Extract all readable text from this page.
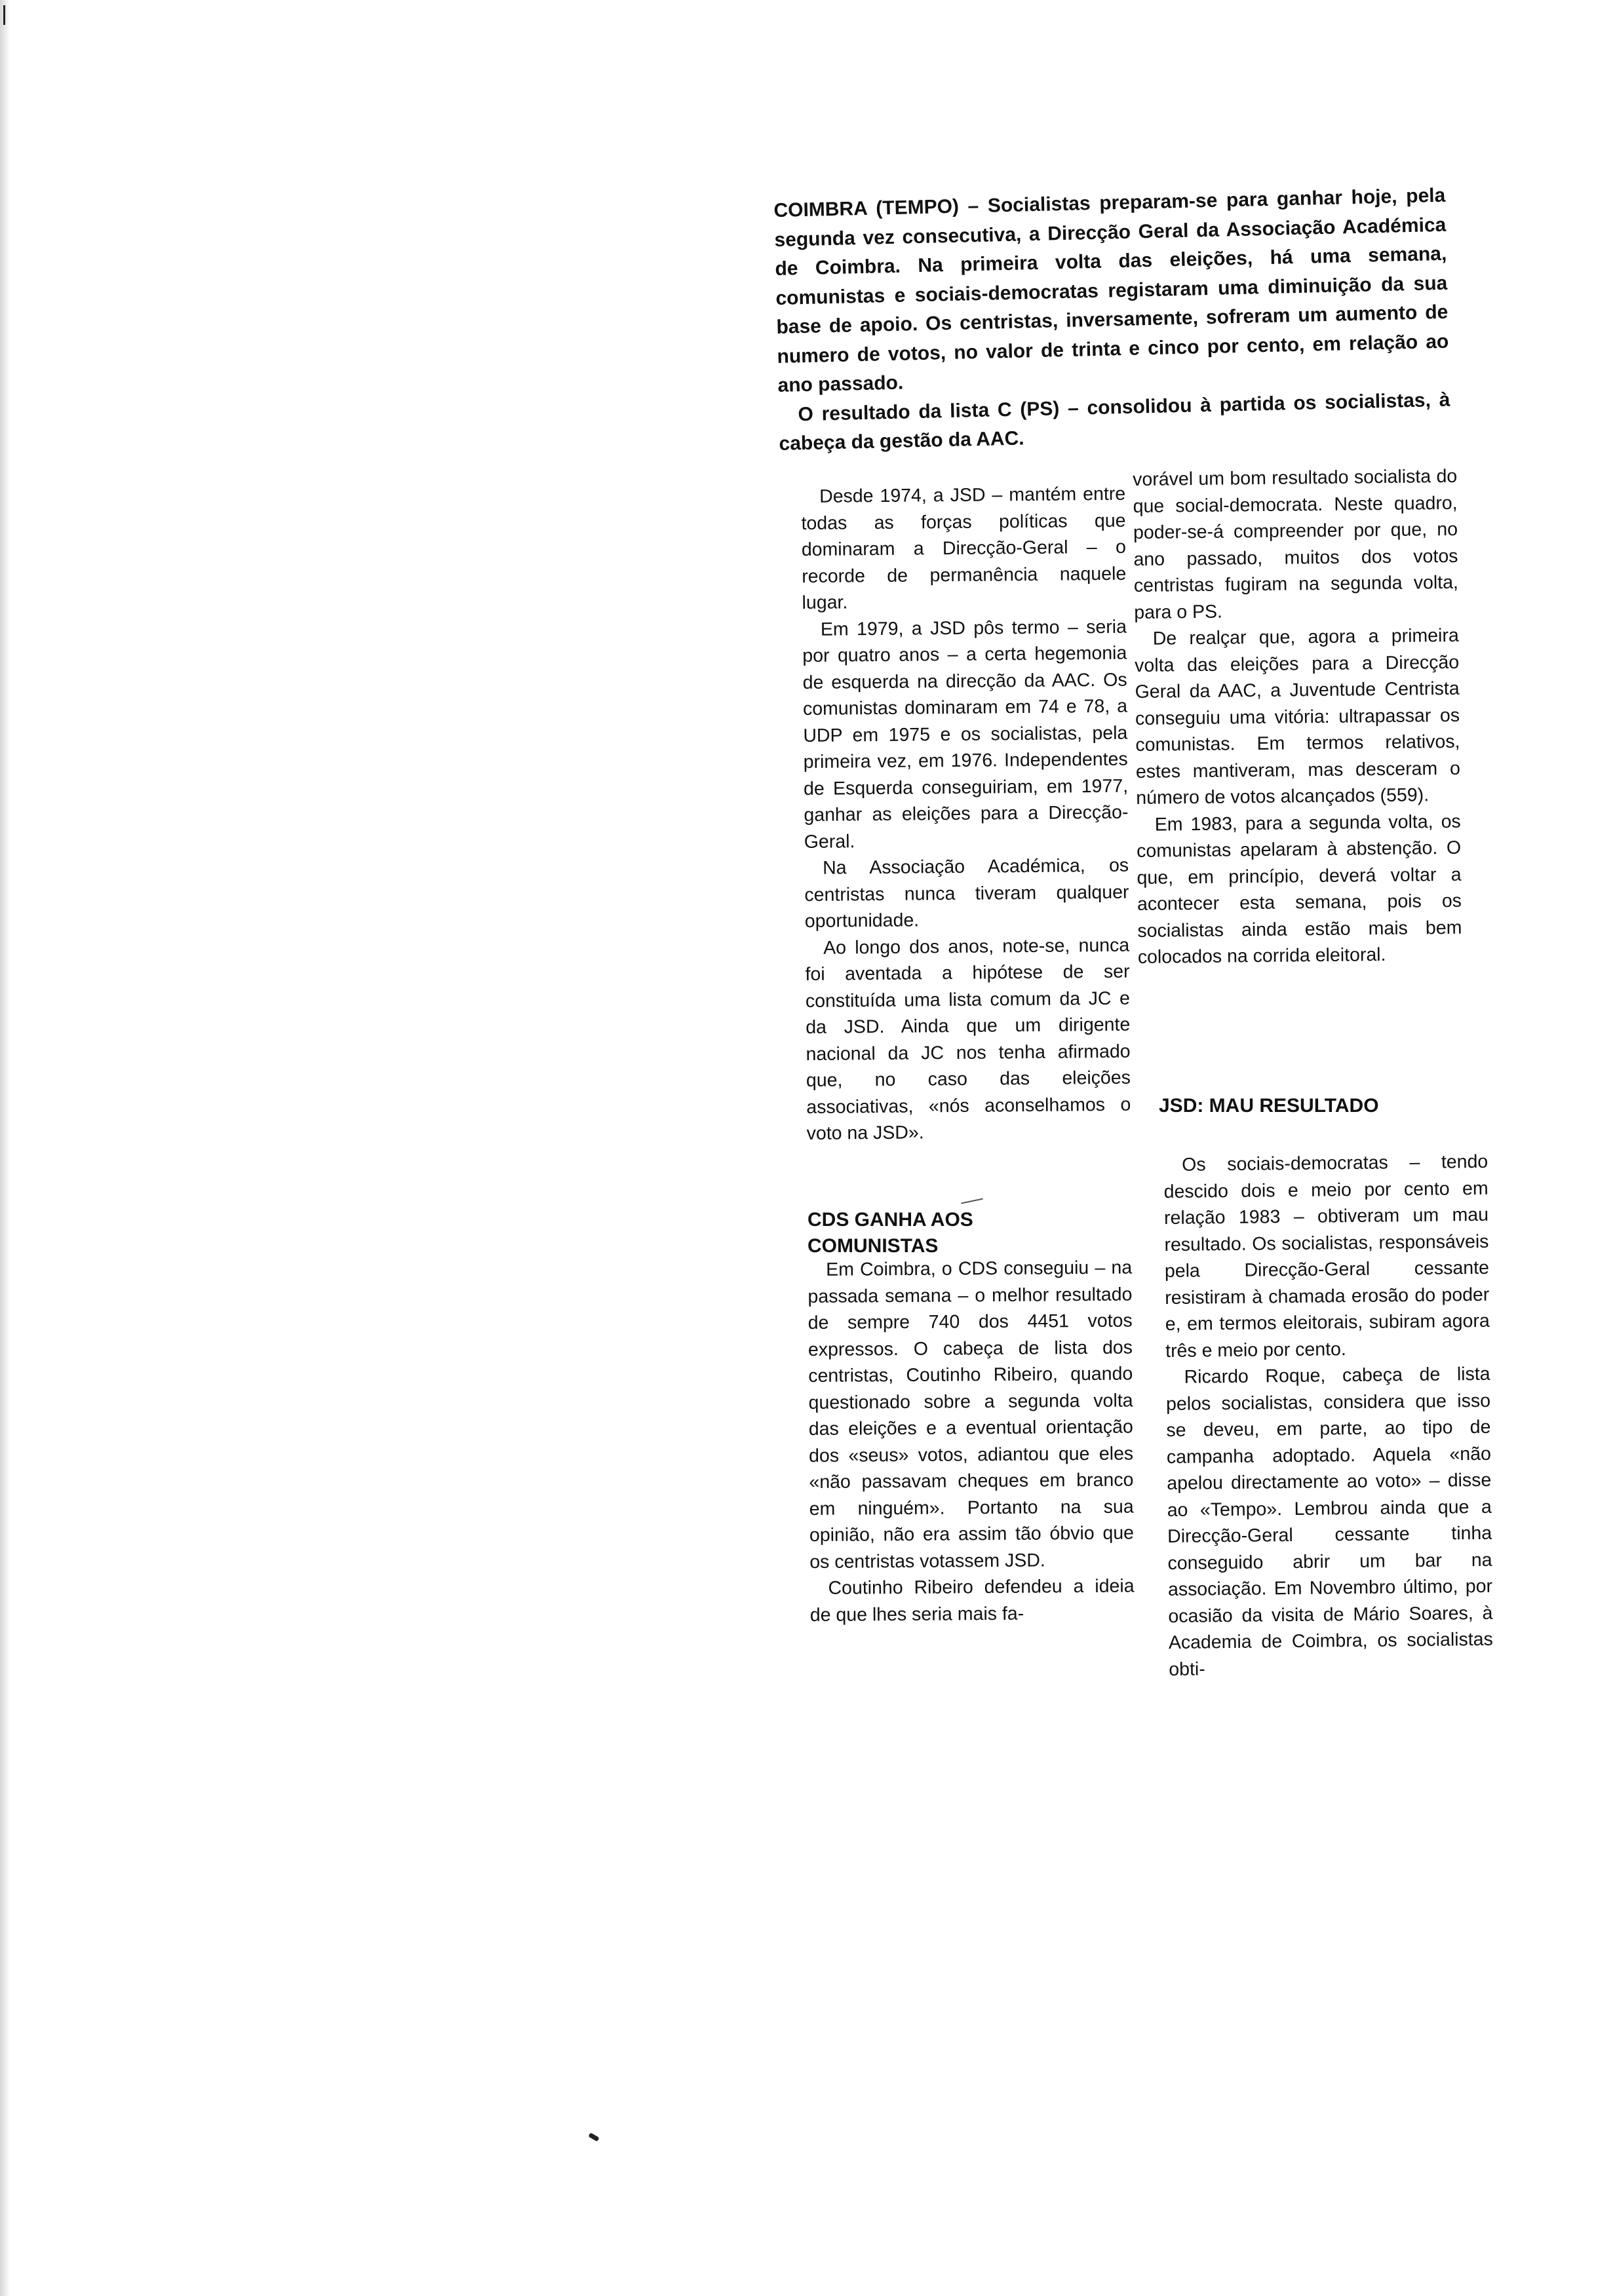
COIMBRA (TEMPO) – Socialistas preparam-se para ganhar hoje, pela segunda vez consecutiva, a Direcção Geral da Associação Académica de Coimbra. Na primeira volta das eleições, há uma semana, comunistas e sociais-democratas registaram uma diminuição da sua base de apoio. Os centristas, inversamente, sofreram um aumento de numero de votos, no valor de trinta e cinco por cento, em relação ao ano passado.

O resultado da lista C (PS) – consolidou à partida os socialistas, à cabeça da gestão da AAC.

Desde 1974, a JSD – mantém entre todas as forças políticas que dominaram a Direcção-Geral – o recorde de permanência naquele lugar.

Em 1979, a JSD pôs termo – seria por quatro anos – a certa hegemonia de esquerda na direcção da AAC. Os comunistas dominaram em 74 e 78, a UDP em 1975 e os socialistas, pela primeira vez, em 1976. Independentes de Esquerda conseguiriam, em 1977, ganhar as eleições para a Direcção-Geral.

Na Associação Académica, os centristas nunca tiveram qualquer oportunidade.

Ao longo dos anos, note-se, nunca foi aventada a hipótese de ser constituída uma lista comum da JC e da JSD. Ainda que um dirigente nacional da JC nos tenha afirmado que, no caso das eleições associativas, «nós aconselhamos o voto na JSD».

CDS GANHA AOS COMUNISTAS

Em Coimbra, o CDS conseguiu – na passada semana – o melhor resultado de sempre 740 dos 4451 votos expressos. O cabeça de lista dos centristas, Coutinho Ribeiro, quando questionado sobre a segunda volta das eleições e a eventual orientação dos «seus» votos, adiantou que eles «não passavam cheques em branco em ninguém». Portanto na sua opinião, não era assim tão óbvio que os centristas votassem JSD.

Coutinho Ribeiro defendeu a ideia de que lhes seria mais fa-

vorável um bom resultado socialista do que social-democrata. Neste quadro, poder-se-á compreender por que, no ano passado, muitos dos votos centristas fugiram na segunda volta, para o PS.

De realçar que, agora a primeira volta das eleições para a Direcção Geral da AAC, a Juventude Centrista conseguiu uma vitória: ultrapassar os comunistas. Em termos relativos, estes mantiveram, mas desceram o número de votos alcançados (559).

Em 1983, para a segunda volta, os comunistas apelaram à abstenção. O que, em princípio, deverá voltar a acontecer esta semana, pois os socialistas ainda estão mais bem colocados na corrida eleitoral.

JSD: MAU RESULTADO

Os sociais-democratas – tendo descido dois e meio por cento em relação 1983 – obtiveram um mau resultado. Os socialistas, responsáveis pela Direcção-Geral cessante resistiram à chamada erosão do poder e, em termos eleitorais, subiram agora três e meio por cento.

Ricardo Roque, cabeça de lista pelos socialistas, considera que isso se deveu, em parte, ao tipo de campanha adoptado. Aquela «não apelou directamente ao voto» – disse ao «Tempo». Lembrou ainda que a Direcção-Geral cessante tinha conseguido abrir um bar na associação. Em Novembro último, por ocasião da visita de Mário Soares, à Academia de Coimbra, os socialistas obti-
